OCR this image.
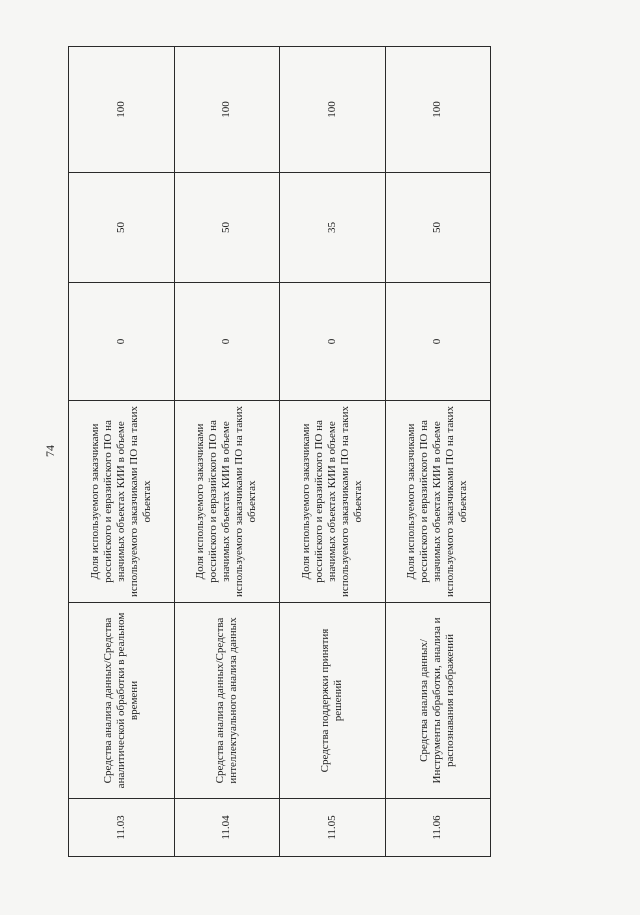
74
11.03	Средства анализа данных/Средства аналитической обработки в реальном времени	Доля используемого заказчиками российского и евразийского ПО на значимых объектах КИИ в объеме используемого заказчиками ПО на таких объектах	0	50	100
11.04	Средства анализа данных/Средства интеллектуального анализа данных	Доля используемого заказчиками российского и евразийского ПО на значимых объектах КИИ в объеме используемого заказчиками ПО на таких объектах	0	50	100
11.05	Средства поддержки принятия решений	Доля используемого заказчиками российского и евразийского ПО на значимых объектах КИИ в объеме используемого заказчиками ПО на таких объектах	0	35	100
11.06	Средства анализа данных/Инструменты обработки, анализа и распознавания изображений	Доля используемого заказчиками российского и евразийского ПО на значимых объектах КИИ в объеме используемого заказчиками ПО на таких объектах	0	50	100
